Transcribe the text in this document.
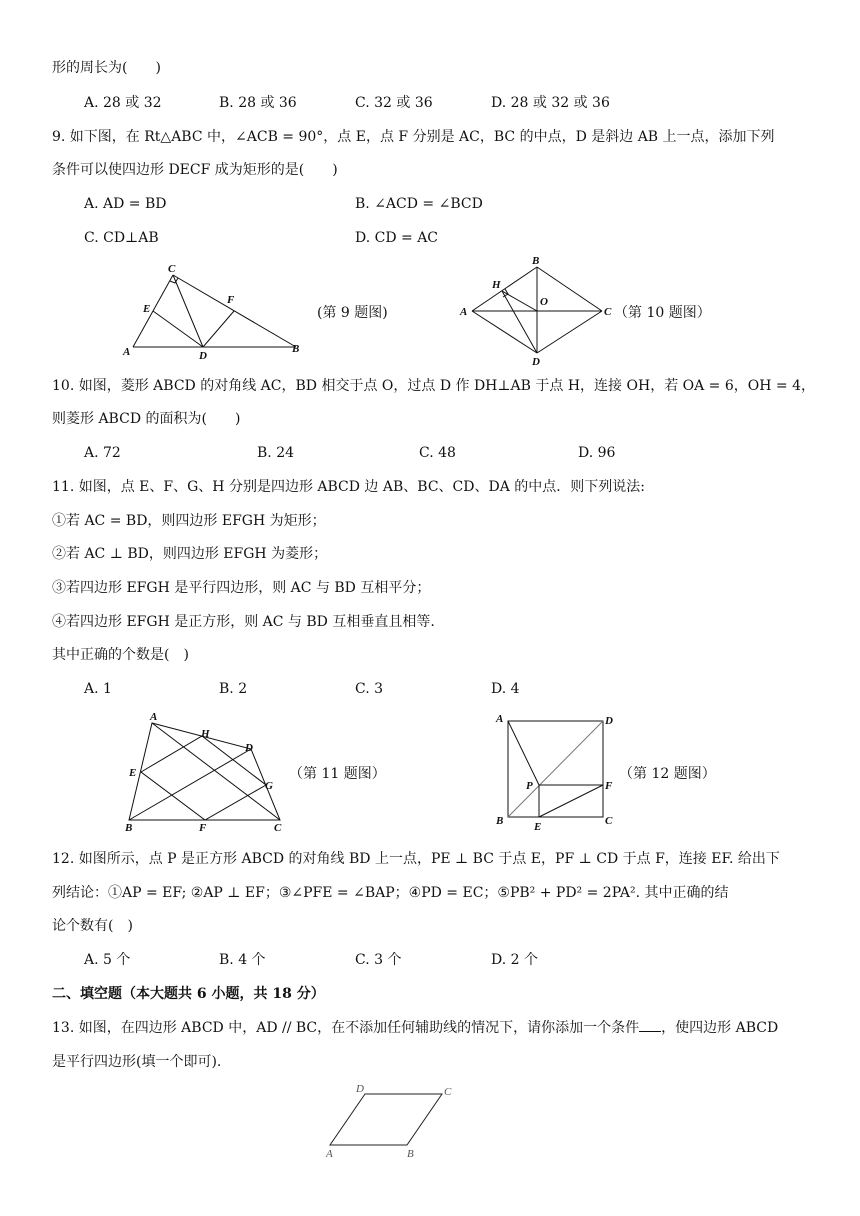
形的周长为(　　)
A. 28 或 32	B. 28 或 36	C. 32 或 36	D. 28 或 32 或 36
9. 如下图，在 Rt△ABC 中，∠ACB = 90°，点 E，点 F 分别是 AC，BC 的中点，D 是斜边 AB 上一点，添加下列
条件可以使四边形 DECF 成为矩形的是(　　)
A. AD = BD	B. ∠ACD = ∠BCD
C. CD⊥AB	D. CD = AC
C
E
F
A	D
B
(第 9 题图)
B
H
O
A	C
D
（第 10 题图）
10. 如图，菱形 ABCD 的对角线 AC，BD 相交于点 O，过点 D 作 DH⊥AB 于点 H，连接 OH，若 OA = 6，OH = 4，
则菱形 ABCD 的面积为(　　)
A. 72	B. 24	C. 48	D. 96
11. 如图，点 E、F、G、H 分别是四边形 ABCD 边 AB、BC、CD、DA 的中点．则下列说法:
①若 AC = BD，则四边形 EFGH 为矩形；
②若 AC ⊥ BD，则四边形 EFGH 为菱形；
③若四边形 EFGH 是平行四边形，则 AC 与 BD 互相平分；
④若四边形 EFGH 是正方形，则 AC 与 BD 互相垂直且相等.
其中正确的个数是(　)
A. 1	B. 2	C. 3	D. 4
A
H
D
E
G
B	F	C
（第 11 题图）
A	D
P	F
B	E	C
（第 12 题图）
12. 如图所示，点 P 是正方形 ABCD 的对角线 BD 上一点，PE ⊥ BC 于点 E，PF ⊥ CD 于点 F，连接 EF. 给出下
列结论：①AP = EF; ②AP ⊥ EF；③∠PFE = ∠BAP；④PD = EC；⑤PB² + PD² = 2PA². 其中正确的结
论个数有(　)
A. 5 个	B. 4 个	C. 3 个	D. 2 个
二、填空题（本大题共 6 小题，共 18 分）
13. 如图，在四边形 ABCD 中，AD // BC，在不添加任何辅助线的情况下，请你添加一个条件 ，使四边形 ABCD
是平行四边形(填一个即可).
D	C
A	B
